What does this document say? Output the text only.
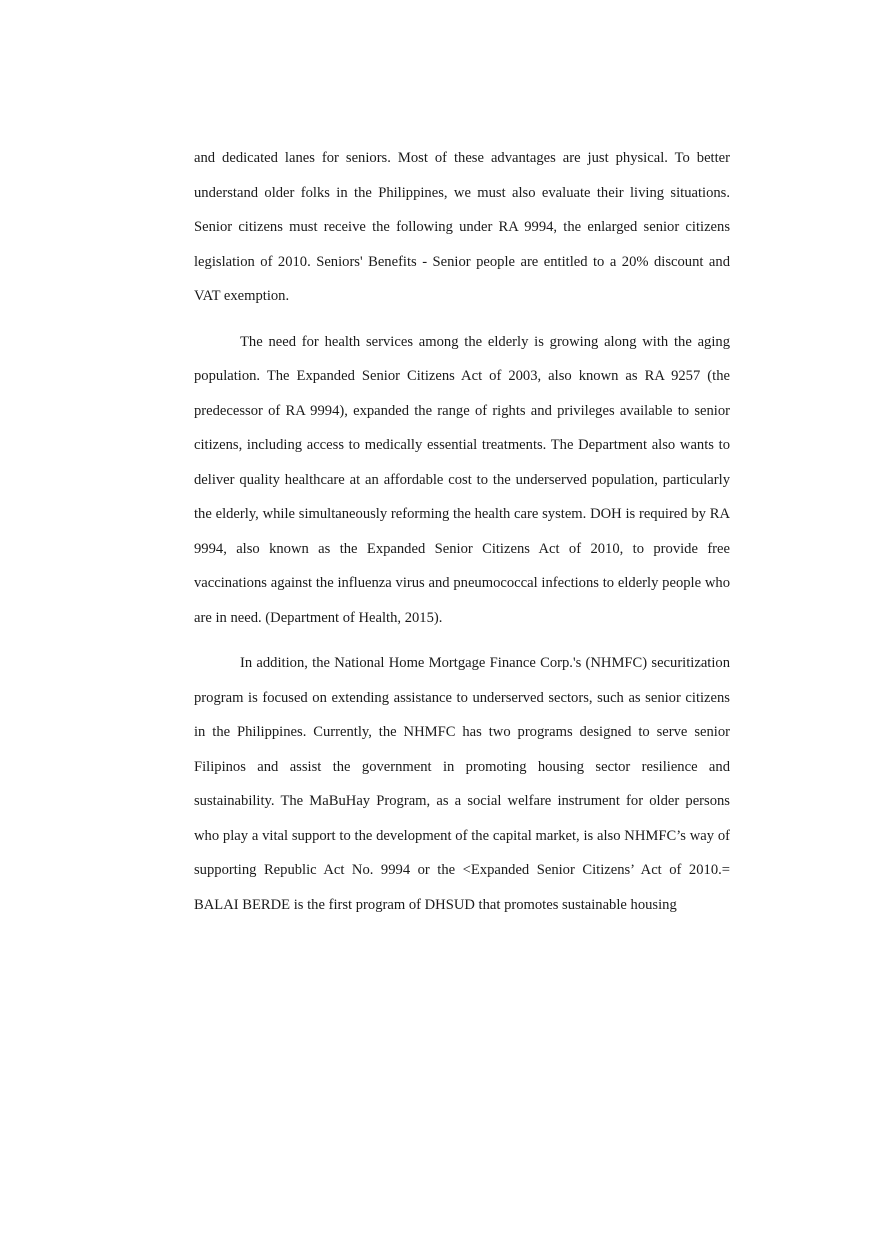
and dedicated lanes for seniors. Most of these advantages are just physical. To better understand older folks in the Philippines, we must also evaluate their living situations. Senior citizens must receive the following under RA 9994, the enlarged senior citizens legislation of 2010. Seniors' Benefits - Senior people are entitled to a 20% discount and VAT exemption.

The need for health services among the elderly is growing along with the aging population. The Expanded Senior Citizens Act of 2003, also known as RA 9257 (the predecessor of RA 9994), expanded the range of rights and privileges available to senior citizens, including access to medically essential treatments. The Department also wants to deliver quality healthcare at an affordable cost to the underserved population, particularly the elderly, while simultaneously reforming the health care system. DOH is required by RA 9994, also known as the Expanded Senior Citizens Act of 2010, to provide free vaccinations against the influenza virus and pneumococcal infections to elderly people who are in need. (Department of Health, 2015).

In addition, the National Home Mortgage Finance Corp.'s (NHMFC) securitization program is focused on extending assistance to underserved sectors, such as senior citizens in the Philippines. Currently, the NHMFC has two programs designed to serve senior Filipinos and assist the government in promoting housing sector resilience and sustainability. The MaBuHay Program, as a social welfare instrument for older persons who play a vital support to the development of the capital market, is also NHMFC’s way of supporting Republic Act No. 9994 or the <Expanded Senior Citizens’ Act of 2010.= BALAI BERDE is the first program of DHSUD that promotes sustainable housing
